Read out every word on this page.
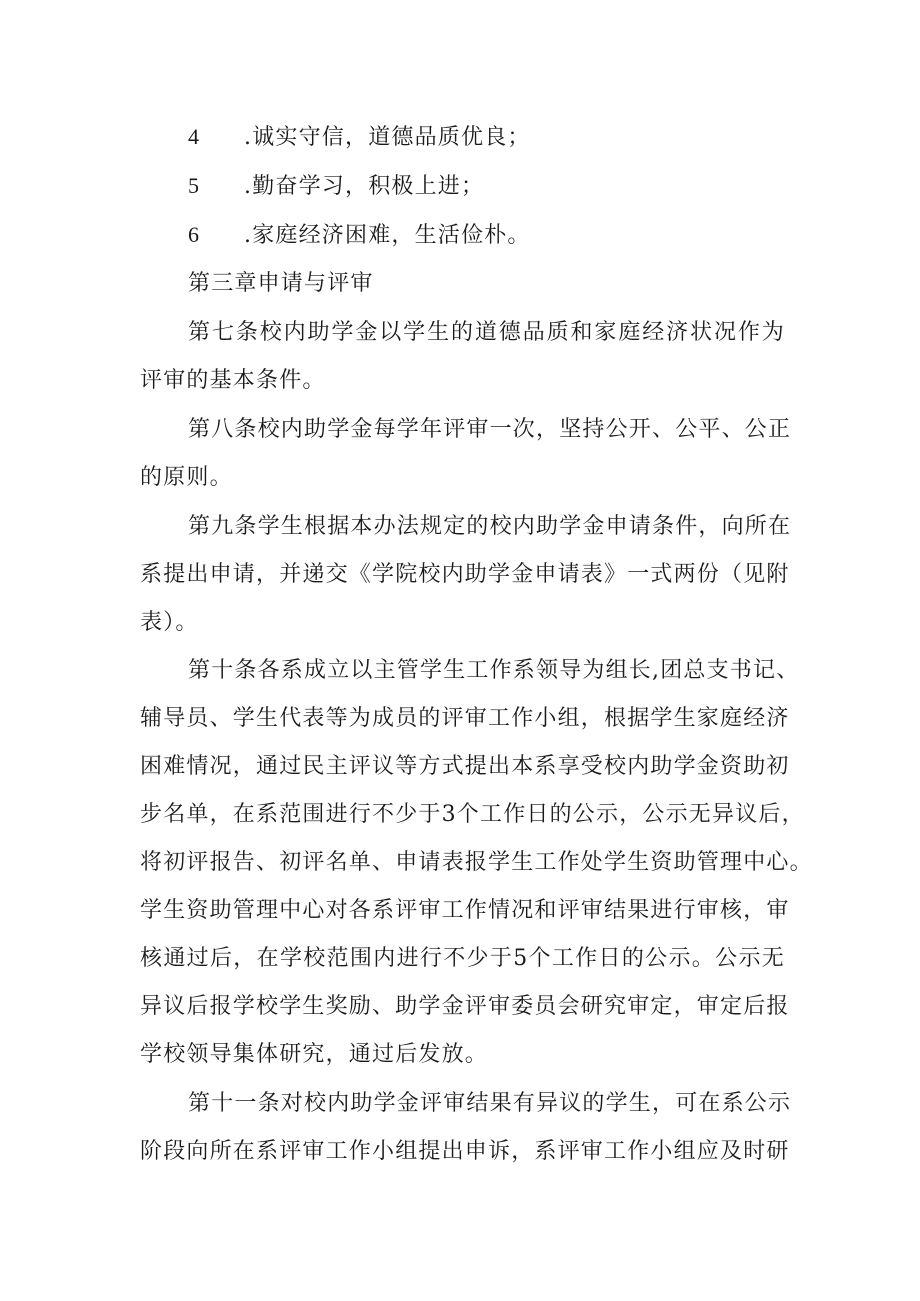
4 .诚实守信，道德品质优良；
5 .勤奋学习，积极上进；
6 .家庭经济困难，生活俭朴。
第三章申请与评审
第七条校内助学金以学生的道德品质和家庭经济状况作为
评审的基本条件。
第八条校内助学金每学年评审一次，坚持公开、公平、公正
的原则。
第九条学生根据本办法规定的校内助学金申请条件，向所在
系提出申请，并递交《学院校内助学金申请表》一式两份（见附
表）。
第十条各系成立以主管学生工作系领导为组长,团总支书记、
辅导员、学生代表等为成员的评审工作小组，根据学生家庭经济
困难情况，通过民主评议等方式提出本系享受校内助学金资助初
步名单，在系范围进行不少于3个工作日的公示，公示无异议后，
将初评报告、初评名单、申请表报学生工作处学生资助管理中心。
学生资助管理中心对各系评审工作情况和评审结果进行审核，审
核通过后，在学校范围内进行不少于5个工作日的公示。公示无
异议后报学校学生奖励、助学金评审委员会研究审定，审定后报
学校领导集体研究，通过后发放。
第十一条对校内助学金评审结果有异议的学生，可在系公示
阶段向所在系评审工作小组提出申诉，系评审工作小组应及时研
